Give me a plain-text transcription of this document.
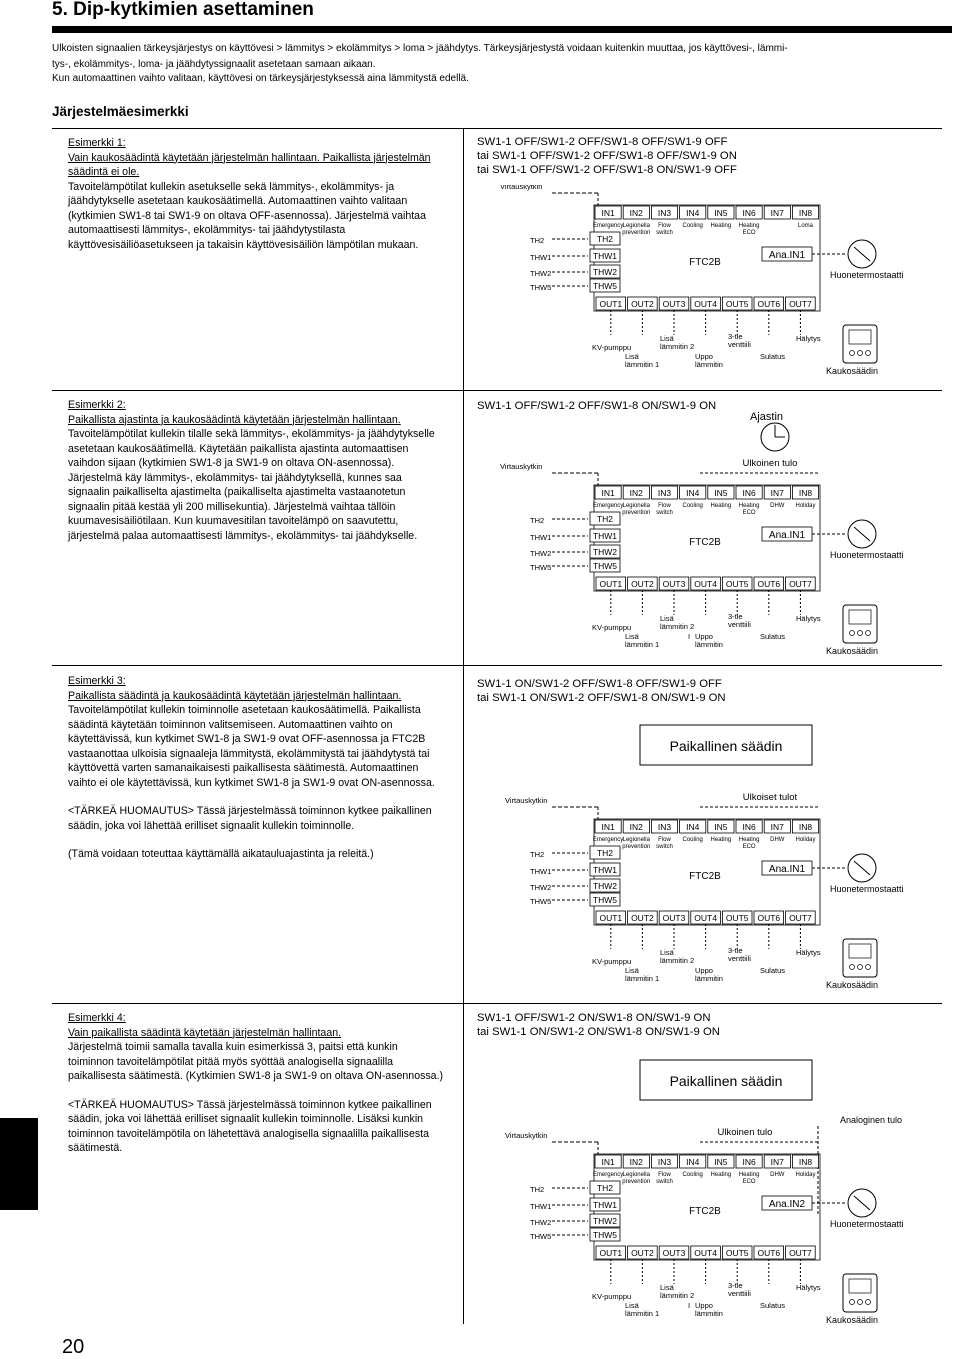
5. Dip-kytkimien asettaminen
Ulkoisten signaalien tärkeysjärjestys on käyttövesi > lämmitys > ekolämmitys > loma > jäähdytys. Tärkeysjärjestystä voidaan kuitenkin muuttaa, jos käyttövesi-, lämmi-
tys-, ekolämmitys-, loma- ja jäähdytyssignaalit asetetaan samaan aikaan.
Kun automaattinen vaihto valitaan, käyttövesi on tärkeysjärjestyksessä aina lämmitystä edellä.
Järjestelmäesimerkki

Esimerkki 1:

Vain kaukosäädintä käytetään järjestelmän hallintaan. Paikallista järjestelmän säädintä ei ole.

Tavoitelämpötilat kullekin asetukselle sekä lämmitys-, ekolämmitys- ja jäähdytykselle asetetaan kaukosäätimellä. Automaattinen vaihto valitaan (kytkimien SW1-8 tai SW1-9 on oltava OFF-asennossa). Järjestelmä vaihtaa automaattisesti lämmitys-, ekolämmitys- tai jäähdytystilasta käyttövesisäiliöasetukseen ja takaisin käyttövesisäiliön lämpötilan mukaan.

SW1-1 OFF/SW1-2 OFF/SW1-8 OFF/SW1-9 OFF
tai SW1-1 OFF/SW1-2 OFF/SW1-8 OFF/SW1-9 ON
tai SW1-1 OFF/SW1-2 OFF/SW1-8 ON/SW1-9 OFF

Esimerkki 2:

Paikallista ajastinta ja kaukosäädintä käytetään järjestelmän hallintaan.

Tavoitelämpötilat kullekin tilalle sekä lämmitys-, ekolämmitys- ja jäähdytykselle asetetaan kaukosäätimellä. Käytetään paikallista ajastinta automaattisen vaihdon sijaan (kytkimien SW1-8 ja SW1-9 on oltava ON-asennossa). Järjestelmä käy lämmitys-, ekolämmitys- tai jäähdytyksellä, kunnes saa signaalin paikalliselta ajastimelta (paikalliselta ajastimelta vastaanotetun signaalin pitää kestää yli 200 millisekuntia). Järjestelmä vaihtaa tällöin kuumavesisäiliötilaan. Kun kuumavesitilan tavoitelämpö on saavutettu, järjestelmä palaa automaattisesti lämmitys-, ekolämmitys- tai jäähdykselle.

SW1-1 OFF/SW1-2 OFF/SW1-8 ON/SW1-9 ON

Esimerkki 3:

Paikallista säädintä ja kaukosäädintä käytetään järjestelmän hallintaan.

Tavoitelämpötilat kullekin toiminnolle asetetaan kaukosäätimellä. Paikallista säädintä käytetään toiminnon valitsemiseen. Automaattinen vaihto on käytettävissä, kun kytkimet SW1-8 ja SW1-9 ovat OFF-asennossa ja FTC2B vastaanottaa ulkoisia signaaleja lämmitystä, ekolämmitystä tai jäähdytystä tai käyttövettä varten samanaikaisesti paikallisesta säätimestä. Automaattinen vaihto ei ole käytettävissä, kun kytkimet SW1-8 ja SW1-9 ovat ON-asennossa.

<TÄRKEÄ HUOMAUTUS> Tässä järjestelmässä toiminnon kytkee paikallinen säädin, joka voi lähettää erilliset signaalit kullekin toiminnolle.

(Tämä voidaan toteuttaa käyttämällä aikatauluajastinta ja releitä.)

SW1-1 ON/SW1-2 OFF/SW1-8 OFF/SW1-9 OFF
tai SW1-1 ON/SW1-2 OFF/SW1-8 ON/SW1-9 ON

Esimerkki 4:

Vain paikallista säädintä käytetään järjestelmän hallintaan.

Järjestelmä toimii samalla tavalla kuin esimerkissä 3, paitsi että kunkin toiminnon tavoitelämpötilat pitää myös syöttää analogisella signaalilla paikallisesta säätimestä. (Kytkimien SW1-8 ja SW1-9 on oltava ON-asennossa.)

<TÄRKEÄ HUOMAUTUS> Tässä järjestelmässä toiminnon kytkee paikallinen säädin, joka voi lähettää erilliset signaalit kullekin toiminnolle. Lisäksi kunkin toiminnon tavoitelämpötila on lähetettävä analogisella signaalilla paikallisesta säätimestä.

SW1-1 OFF/SW1-2 ON/SW1-8 ON/SW1-9 ON
tai SW1-1 ON/SW1-2 ON/SW1-8 ON/SW1-9 ON
Virtauskytkin
IN1
Emergency
IN2
Legionella
prevention
IN3
Flow
switch
IN4
Cooling
IN5
Heating
IN6
Heating
ECO
IN7 IN8
Loma
TH2	TH2
THW1	THW1
THW2	THW2
THW5	THW5
FTC2B
Ana.IN1
Huonetermostaatti
OUT1 OUT2 OUT3 OUT4 OUT5 OUT6 OUT7
KV-pumppu
Lisä
lämmitin 1
Lisä
lämmitin 2
Uppo
lämmitin
3-tie
venttiili
Sulatus
Hälytys
Kaukosäädin
Ajastin
Ulkoinen tulo
Virtauskytkin
IN1
Emergency
IN2
Legionella
prevention
IN3
Flow
switch
IN4
Cooling
IN5
Heating
IN6
Heating
ECO
IN7
DHW
IN8
Holiday
TH2	TH2
THW1	THW1
THW2	THW2
THW5	THW5
FTC2B
Ana.IN1
Huonetermostaatti
OUT1 OUT2 OUT3 OUT4 OUT5 OUT6 OUT7
KV-pumppu
Lisä
lämmitin 1
Lisä
lämmitin 2
I Uppo
lämmitin
3-tie
venttiili
Sulatus
Hälytys
Kaukosäädin
Paikallinen säädin
Ulkoiset tulot
Virtauskytkin
IN1
Emergency
IN2
Legionella
prevention
IN3
Flow
switch
IN4
Cooling
IN5
Heating
IN6
Heating
ECO
IN7
DHW
IN8
Holiday
TH2	TH2
THW1	THW1
THW2	THW2
THW5	THW5
FTC2B
Ana.IN1
Huonetermostaatti
OUT1 OUT2 OUT3 OUT4 OUT5 OUT6 OUT7
KV-pumppu
Lisä
lämmitin 1
Lisä
lämmitin 2
Uppo
lämmitin
3-tie
venttiili
Sulatus
Hälytys
Kaukosäädin
Paikallinen säädin
Analoginen tulo
Ulkoinen tulo
Virtauskytkin
IN1
Emergency
IN2
Legionella
prevention
IN3
Flow
switch
IN4
Cooling
IN5
Heating
IN6
Heating
ECO
IN7
DHW
IN8
Holiday
TH2	TH2
THW1	THW1
THW2	THW2
THW5	THW5
FTC2B
Ana.IN2
Huonetermostaatti
OUT1 OUT2 OUT3 OUT4 OUT5 OUT6 OUT7
KV-pumppu
Lisä
lämmitin 1
Lisä
lämmitin 2
I Uppo
lämmitin
3-tie
venttiili
Sulatus
Hälytys
Kaukosäädin
20
